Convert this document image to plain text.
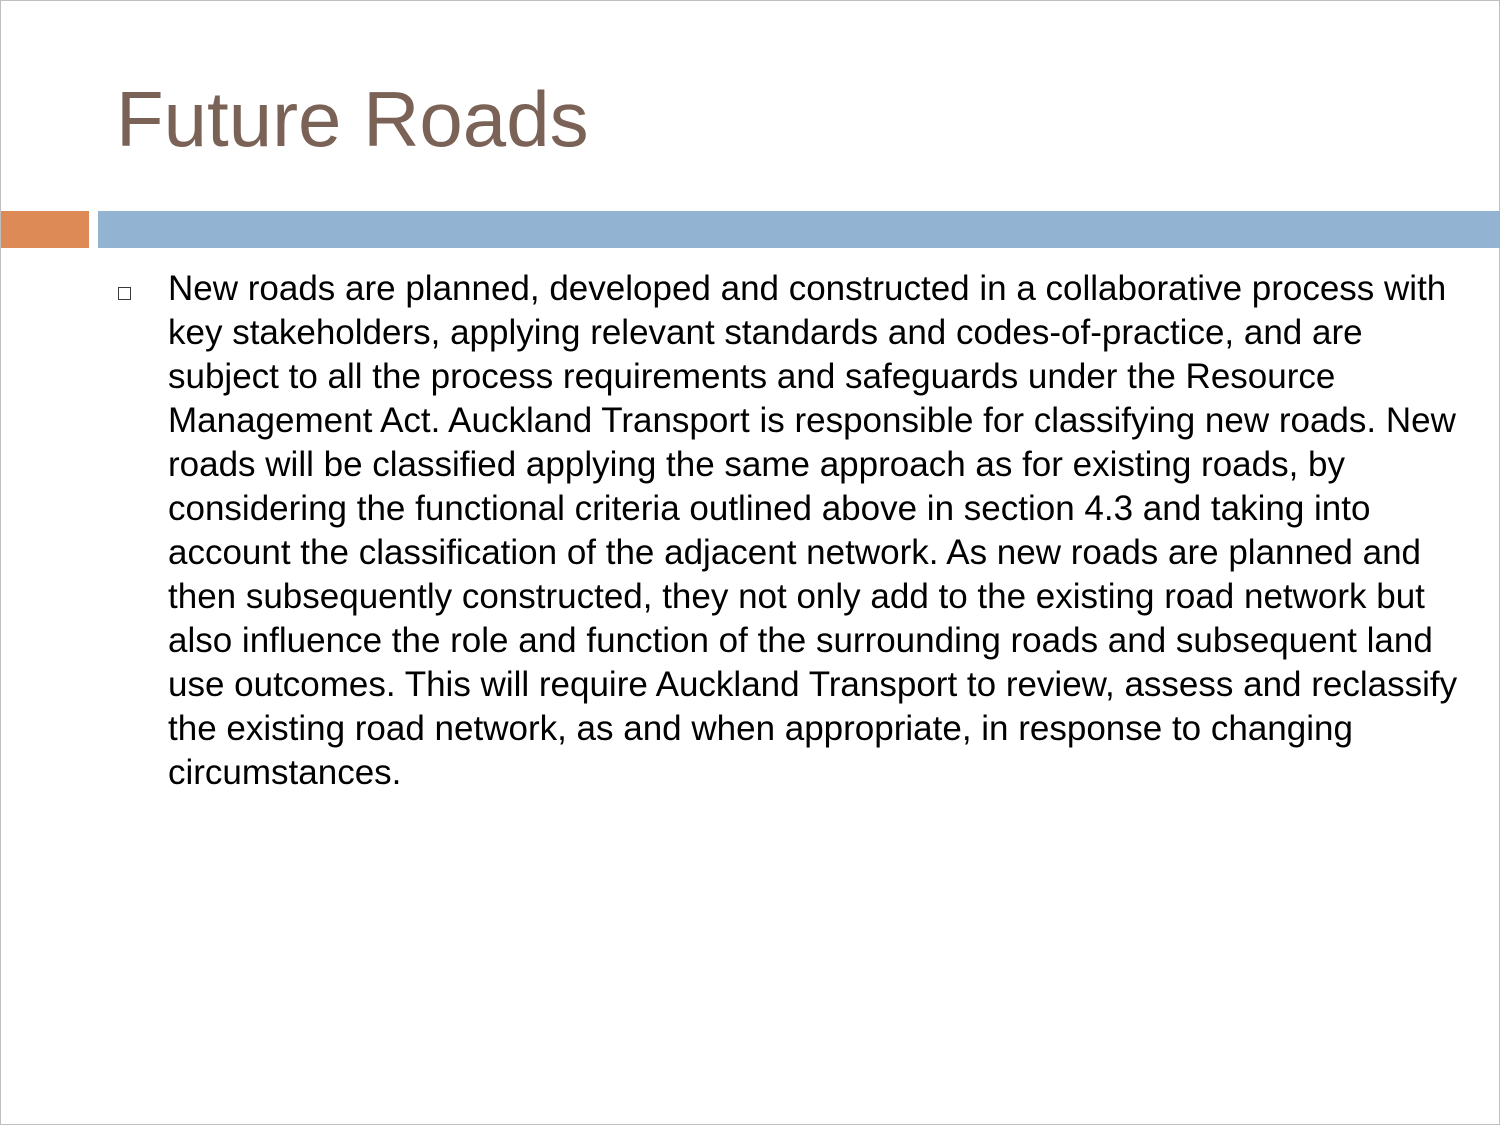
Future Roads

New roads are planned, developed and constructed in a collaborative process with key stakeholders, applying relevant standards and codes-of-practice, and are subject to all the process requirements and safeguards under the Resource Management Act. Auckland Transport is responsible for classifying new roads. New roads will be classified applying the same approach as for existing roads, by considering the functional criteria outlined above in section 4.3 and taking into account the classification of the adjacent network. As new roads are planned and then subsequently constructed, they not only add to the existing road network but also influence the role and function of the surrounding roads and subsequent land use outcomes. This will require Auckland Transport to review, assess and reclassify the existing road network, as and when appropriate, in response to changing circumstances.
